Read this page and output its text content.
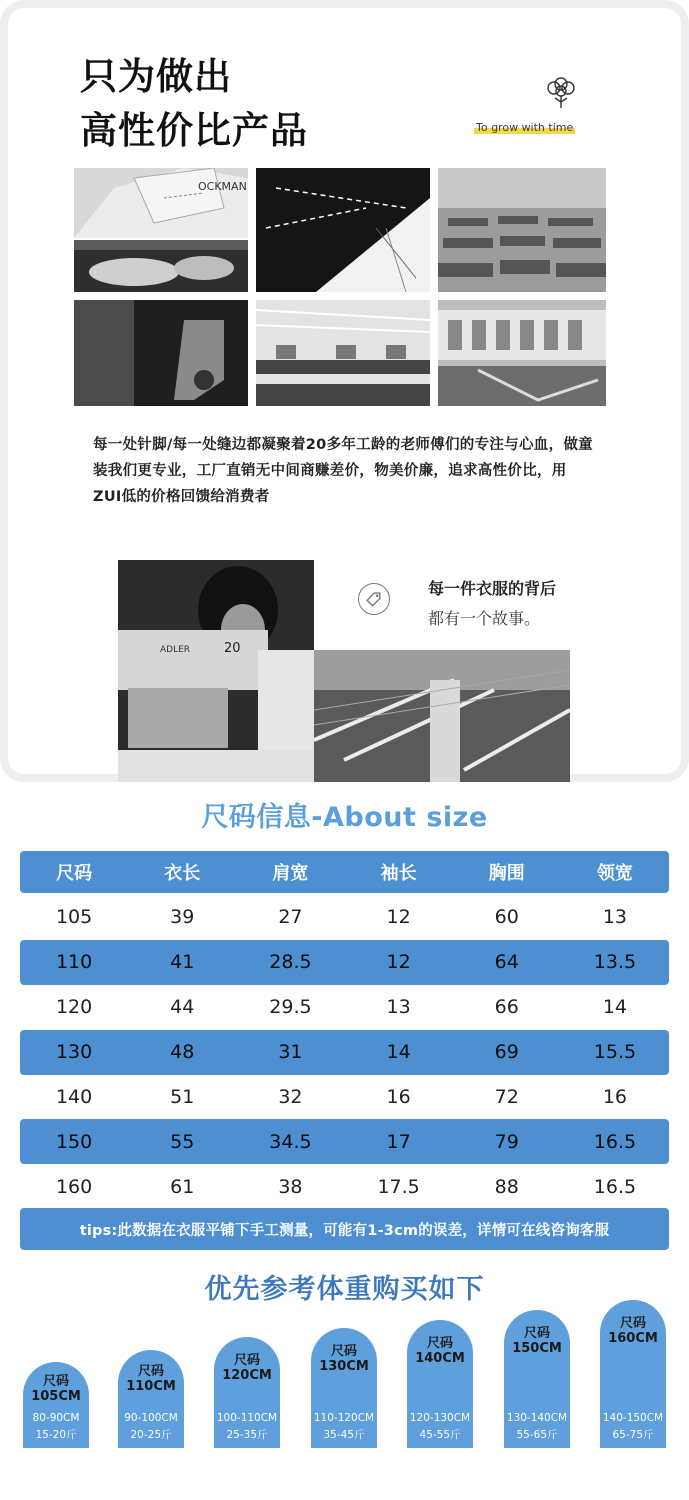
只为做出
高性价比产品	To grow with time
OCKMAN
每一处针脚/每一处缝边都凝聚着20多年工龄的老师傅们的专注与心血，做童装我们更专业，工厂直销无中间商赚差价，物美价廉，追求高性价比，用ZUI低的价格回馈给消费者
ADLER	20
每一件衣服的背后
都有一个故事。
尺码信息-About size
尺码	衣长	肩宽	袖长	胸围	领宽
105	39	27	12	60	13
110	41	28.5	12	64	13.5
120	44	29.5	13	66	14
130	48	31	14	69	15.5
140	51	32	16	72	16
150	55	34.5	17	79	16.5
160	61	38	17.5	88	16.5
tips:此数据在衣服平铺下手工测量，可能有1-3cm的误差，详情可在线咨询客服
优先参考体重购买如下
尺码
105CM
80-90CM
15-20斤
尺码
110CM
90-100CM
20-25斤
尺码
120CM
100-110CM
25-35斤
尺码
130CM
110-120CM
35-45斤
尺码
140CM
120-130CM
45-55斤
尺码
150CM
130-140CM
55-65斤
尺码
160CM
140-150CM
65-75斤
